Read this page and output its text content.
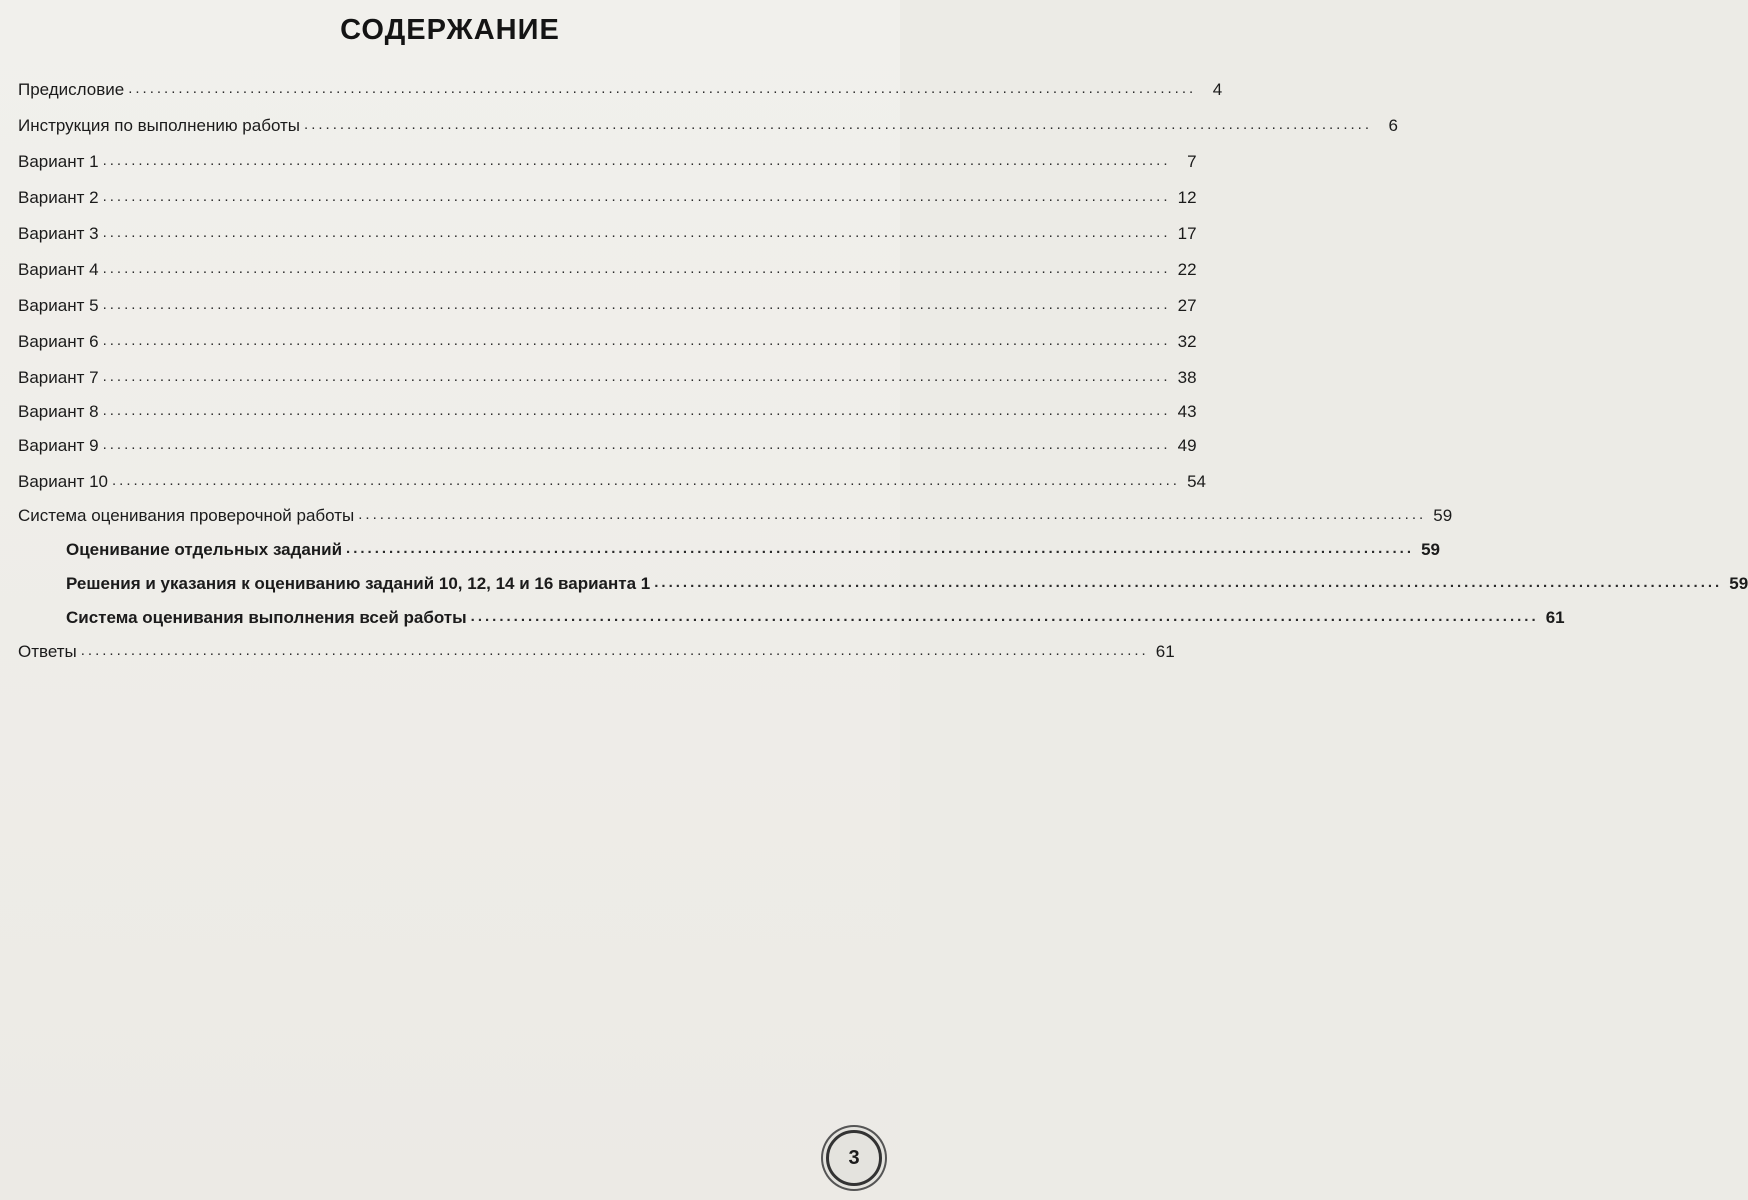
СОДЕРЖАНИЕ
Предисловие ..................................................................................................................................................... 4
Инструкция по выполнению работы ..................................................................................................................................................... 6
Вариант 1 ..................................................................................................................................................... 7
Вариант 2 ..................................................................................................................................................... 12
Вариант 3 ..................................................................................................................................................... 17
Вариант 4 ..................................................................................................................................................... 22
Вариант 5 ..................................................................................................................................................... 27
Вариант 6 ..................................................................................................................................................... 32
Вариант 7 ..................................................................................................................................................... 38
Вариант 8 ..................................................................................................................................................... 43
Вариант 9 ..................................................................................................................................................... 49
Вариант 10 ..................................................................................................................................................... 54
Система оценивания проверочной работы ..................................................................................................................................................... 59
Оценивание отдельных заданий ..................................................................................................................................................... 59
Решения и указания к оцениванию заданий 10, 12, 14 и 16 варианта 1 ..................................................................................................................................................... 59
Система оценивания выполнения всей работы ..................................................................................................................................................... 61
Ответы ..................................................................................................................................................... 61
3
